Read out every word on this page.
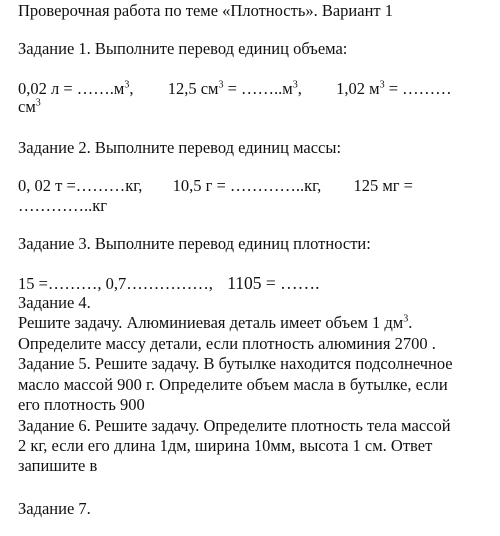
Проверочная работа по теме «Плотность». Вариант 1
Задание 1. Выполните перевод единиц объема:
0,02 $л = \dots\dots.м^3$, 12,5 $см^3$ = $\dots\dots..м^3$, 1,02 $м^3$ = ………
$см^3$
Задание 2. Выполните перевод единиц массы:
0, 02 т =………кг, 10,5 г = …………..кг, 125 мг =
…………..кг
Задание 3. Выполните перевод единиц плотности:
15 =………, 0,7……………, 1105 = …….
Задание 4.
Решите задачу. Алюминиевая деталь имеет объем 1 $дм^3$.
Определите массу детали, если плотность алюминия 2700 .
Задание 5. Решите задачу. В бутылке находится подсолнечное
масло массой 900 г. Определите объем масла в бутылке, если
его плотность 900
Задание 6. Решите задачу. Определите плотность тела массой
2 кг, если его длина 1дм, ширина 10мм, высота 1 см. Ответ
запишите в
Задание 7.
